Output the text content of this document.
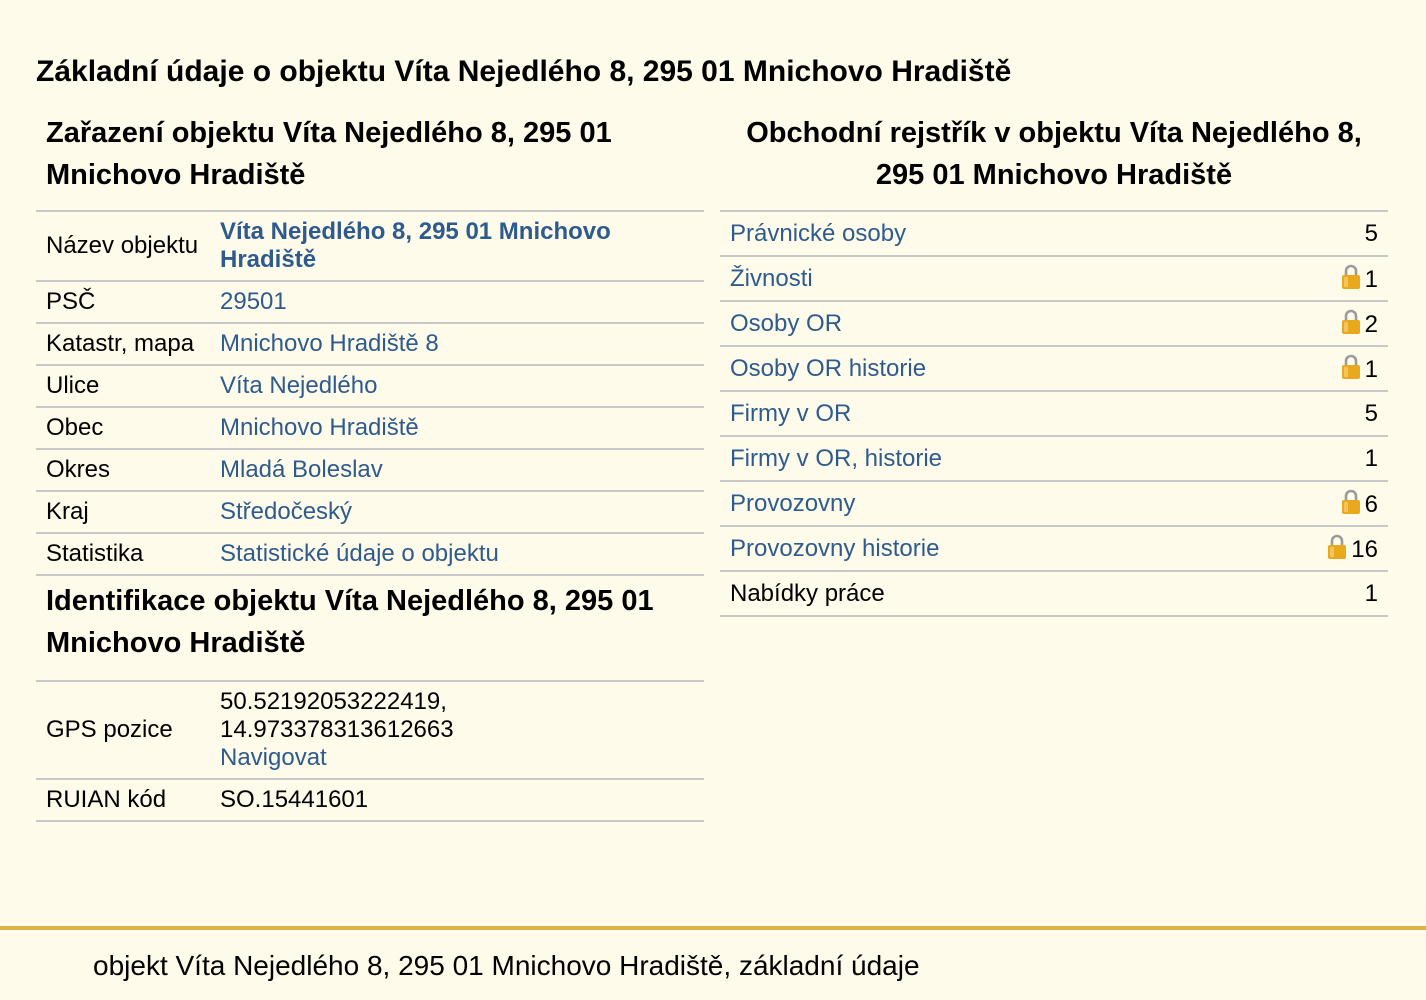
Základní údaje o objektu Víta Nejedlého 8, 295 01 Mnichovo Hradiště
Zařazení objektu Víta Nejedlého 8, 295 01 Mnichovo Hradiště
Název objektu	Víta Nejedlého 8, 295 01 Mnichovo Hradiště
PSČ	29501
Katastr, mapa	Mnichovo Hradiště 8
Ulice	Víta Nejedlého
Obec	Mnichovo Hradiště
Okres	Mladá Boleslav
Kraj	Středočeský
Statistika	Statistické údaje o objektu
Identifikace objektu Víta Nejedlého 8, 295 01 Mnichovo Hradiště
GPS pozice	50.52192053222419,
14.973378313612663
Navigovat
RUIAN kód	SO.15441601
Obchodní rejstřík v objektu Víta Nejedlého 8, 295 01 Mnichovo Hradiště
Právnické osoby	5
Živnosti	1
Osoby OR	2
Osoby OR historie	1
Firmy v OR	5
Firmy v OR, historie	1
Provozovny	6
Provozovny historie	16
Nabídky práce	1
objekt Víta Nejedlého 8, 295 01 Mnichovo Hradiště, základní údaje
